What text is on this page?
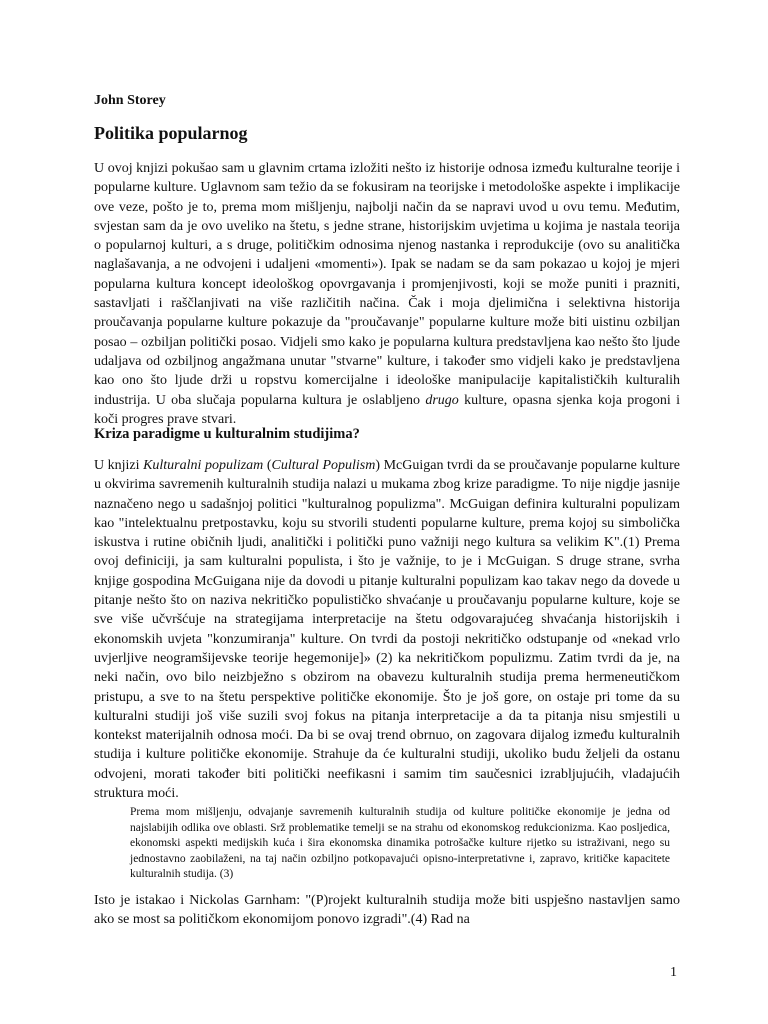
John Storey
Politika popularnog

U ovoj knjizi pokušao sam u glavnim crtama izložiti nešto iz historije odnosa između kulturalne teorije i popularne kulture. Uglavnom sam težio da se fokusiram na teorijske i metodološke aspekte i implikacije ove veze, pošto je to, prema mom mišljenju, najbolji način da se napravi uvod u ovu temu. Međutim, svjestan sam da je ovo uveliko na štetu, s jedne strane, historijskim uvjetima u kojima je nastala teorija o popularnoj kulturi, a s druge, političkim odnosima njenog nastanka i reprodukcije (ovo su analitička naglašavanja, a ne odvojeni i udaljeni «momenti»). Ipak se nadam se da sam pokazao u kojoj je mjeri popularna kultura koncept ideološkog opovrgavanja i promjenjivosti, koji se može puniti i prazniti, sastavljati i raščlanjivati na više različitih načina. Čak i moja djelimična i selektivna historija proučavanja popularne kulture pokazuje da "proučavanje" popularne kulture može biti uistinu ozbiljan posao – ozbiljan politički posao. Vidjeli smo kako je popularna kultura predstavljena kao nešto što ljude udaljava od ozbiljnog angažmana unutar "stvarne" kulture, i također smo vidjeli kako je predstavljena kao ono što ljude drži u ropstvu komercijalne i ideološke manipulacije kapitalističkih kulturalih industrija. U oba slučaja popularna kultura je oslabljeno drugo kulture, opasna sjenka koja progoni i koči progres prave stvari.

Kriza paradigme u kulturalnim studijima?

U knjizi Kulturalni populizam (Cultural Populism) McGuigan tvrdi da se proučavanje popularne kulture u okvirima savremenih kulturalnih studija nalazi u mukama zbog krize paradigme. To nije nigdje jasnije naznačeno nego u sadašnjoj politici "kulturalnog populizma". McGuigan definira kulturalni populizam kao "intelektualnu pretpostavku, koju su stvorili studenti popularne kulture, prema kojoj su simbolička iskustva i rutine običnih ljudi, analitički i politički puno važniji nego kultura sa velikim K".(1) Prema ovoj definiciji, ja sam kulturalni populista, i što je važnije, to je i McGuigan. S druge strane, svrha knjige gospodina McGuigana nije da dovodi u pitanje kulturalni populizam kao takav nego da dovede u pitanje nešto što on naziva nekritičko populističko shvaćanje u proučavanju popularne kulture, koje se sve više učvršćuje na strategijama interpretacije na štetu odgovarajućeg shvaćanja historijskih i ekonomskih uvjeta "konzumiranja" kulture. On tvrdi da postoji nekritičko odstupanje od «nekad vrlo uvjerljive neogramšijevske teorije hegemonije]» (2) ka nekritičkom populizmu. Zatim tvrdi da je, na neki način, ovo bilo neizbježno s obzirom na obavezu kulturalnih studija prema hermeneutičkom pristupu, a sve to na štetu perspektive političke ekonomije. Što je još gore, on ostaje pri tome da su kulturalni studiji još više suzili svoj fokus na pitanja interpretacije a da ta pitanja nisu smjestili u kontekst materijalnih odnosa moći. Da bi se ovaj trend obrnuo, on zagovara dijalog između kulturalnih studija i kulture političke ekonomije. Strahuje da će kulturalni studiji, ukoliko budu željeli da ostanu odvojeni, morati također biti politički neefikasni i samim tim saučesnici izrabljujućih, vladajućih struktura moći.

Prema mom mišljenju, odvajanje savremenih kulturalnih studija od kulture političke ekonomije je jedna od najslabijih odlika ove oblasti. Srž problematike temelji se na strahu od ekonomskog redukcionizma. Kao posljedica, ekonomski aspekti medijskih kuća i šira ekonomska dinamika potrošačke kulture rijetko su istraživani, nego su jednostavno zaobilaženi, na taj način ozbiljno potkopavajući opisno-interpretativne i, zapravo, kritičke kapacitete kulturalnih studija. (3)

Isto je istakao i Nickolas Garnham: "(P)rojekt kulturalnih studija može biti uspješno nastavljen samo ako se most sa političkom ekonomijom ponovo izgradi".(4) Rad na

1
